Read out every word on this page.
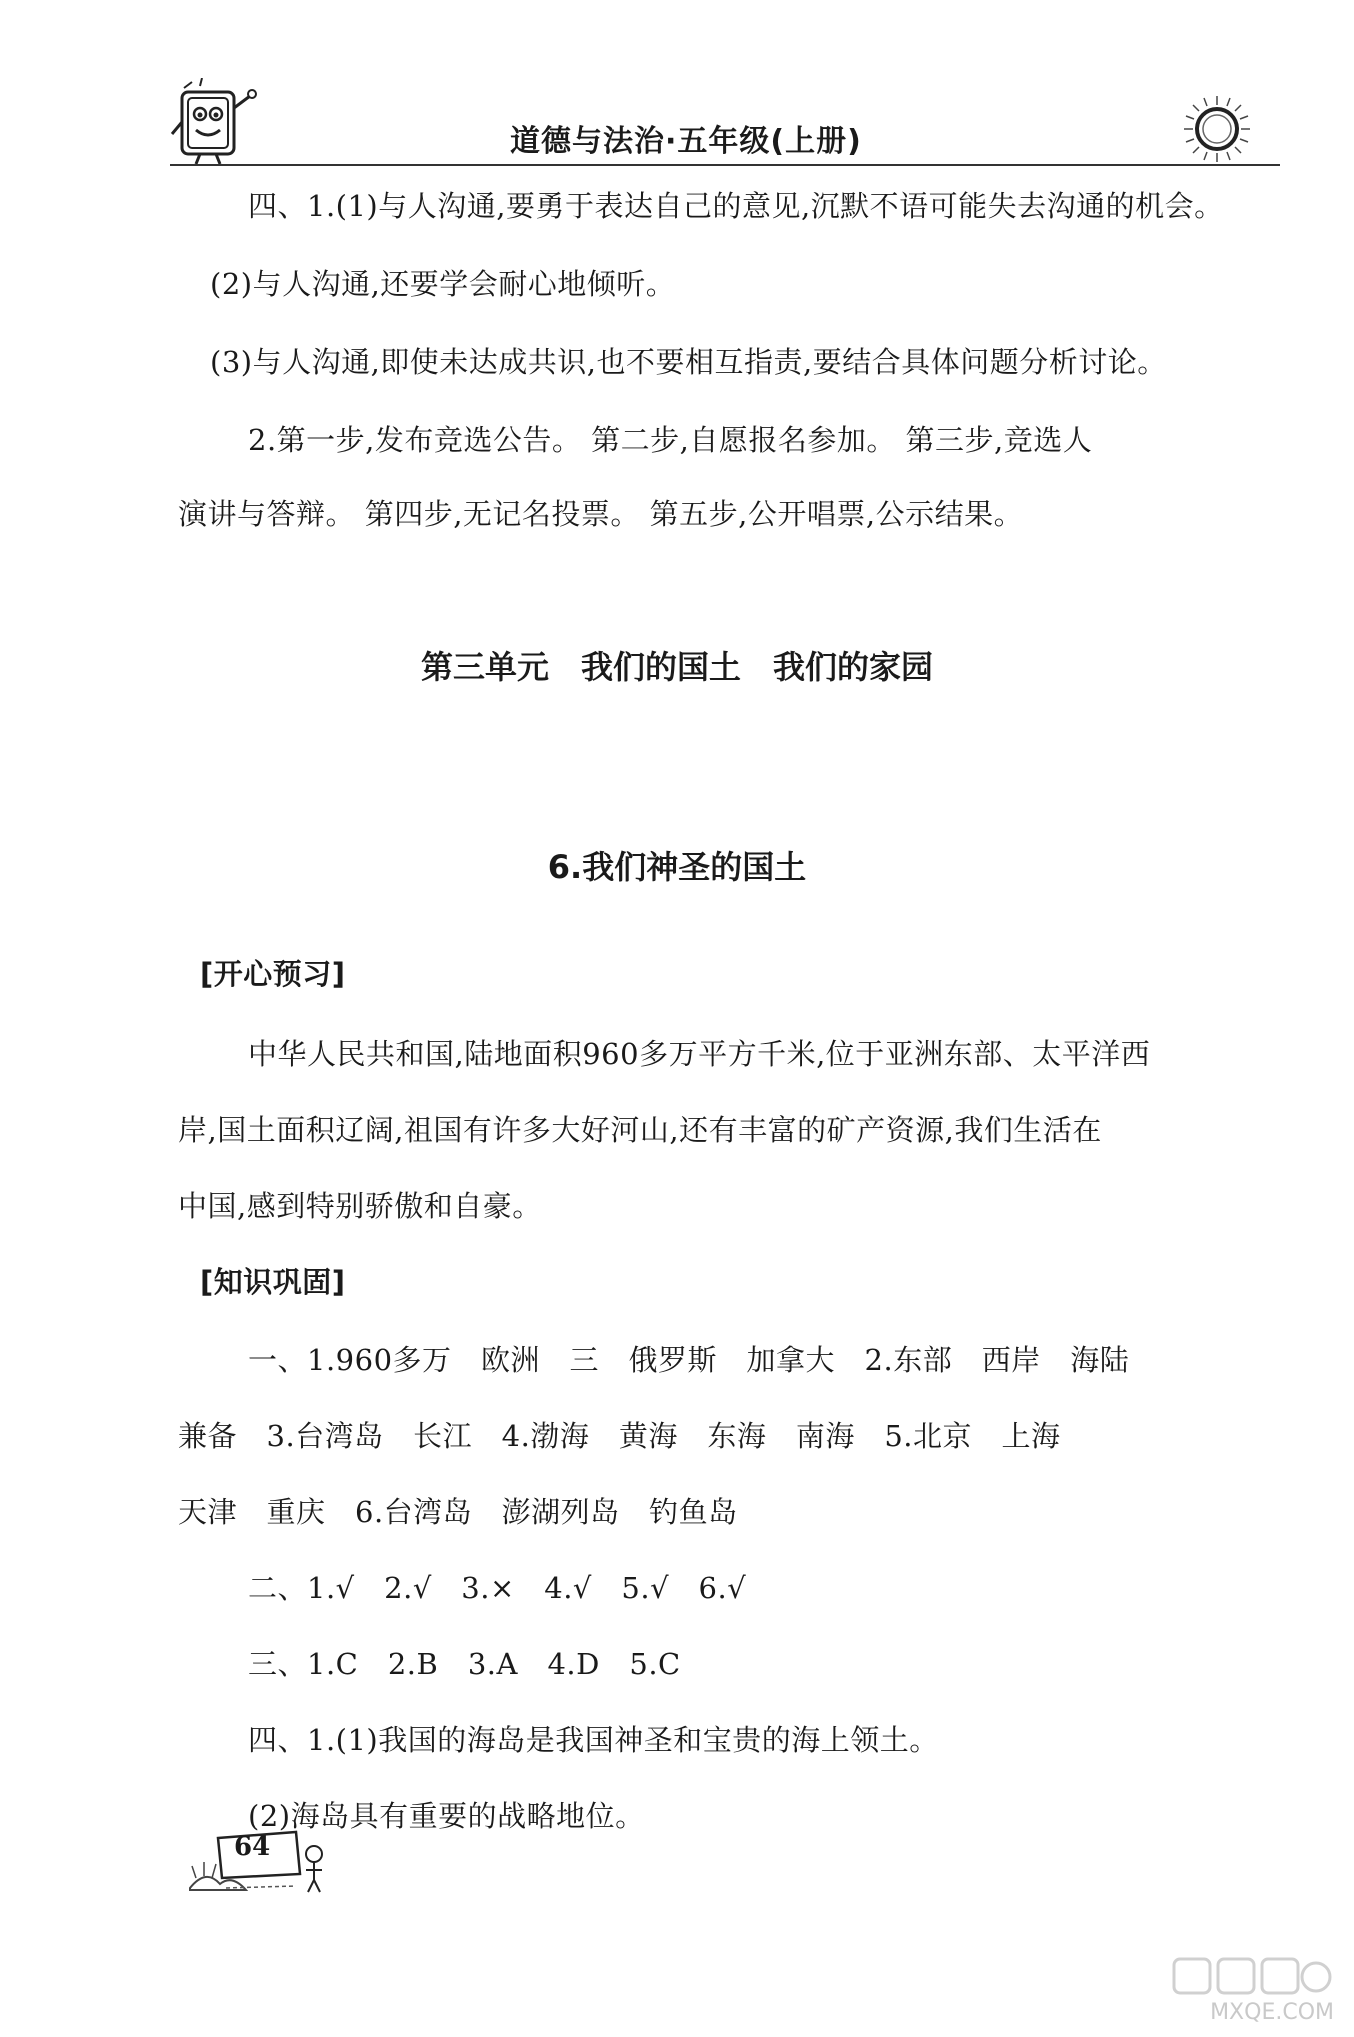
道德与法治·五年级(上册)
四、1.(1)与人沟通,要勇于表达自己的意见,沉默不语可能失去沟通的机会。
(2)与人沟通,还要学会耐心地倾听。
(3)与人沟通,即使未达成共识,也不要相互指责,要结合具体问题分析讨论。
2.第一步,发布竞选公告。 第二步,自愿报名参加。 第三步,竞选人
演讲与答辩。 第四步,无记名投票。 第五步,公开唱票,公示结果。
第三单元　我们的国土　我们的家园
6.我们神圣的国土
[开心预习]
中华人民共和国,陆地面积960多万平方千米,位于亚洲东部、太平洋西
岸,国土面积辽阔,祖国有许多大好河山,还有丰富的矿产资源,我们生活在
中国,感到特别骄傲和自豪。
[知识巩固]
一、1.960多万　欧洲　三　俄罗斯　加拿大　2.东部　西岸　海陆
兼备　3.台湾岛　长江　4.渤海　黄海　东海　南海　5.北京　上海
天津　重庆　6.台湾岛　澎湖列岛　钓鱼岛
二、1.√　2.√　3.×　4.√　5.√　6.√
三、1.C　2.B　3.A　4.D　5.C
四、1.(1)我国的海岛是我国神圣和宝贵的海上领土。
(2)海岛具有重要的战略地位。
64
MXQE.COM
